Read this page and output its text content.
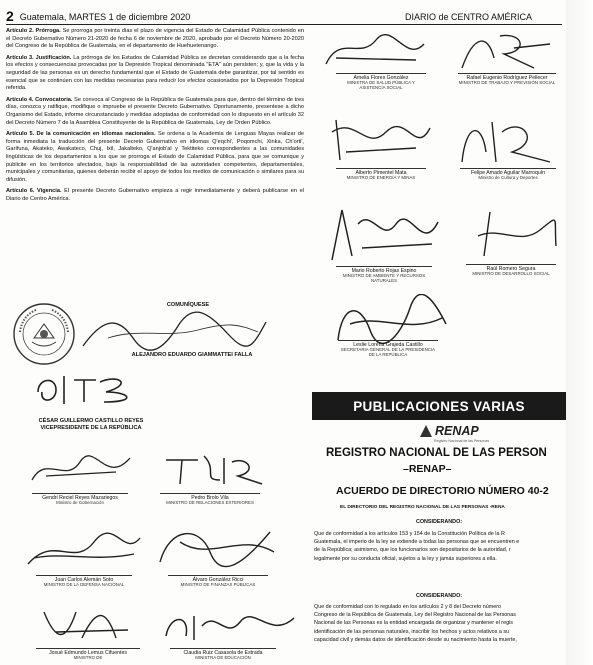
2 Guatemala, MARTES 1 de diciembre 2020	DIARIO de CENTRO AMÉRICA

Artículo 2. Prórroga. Se prorroga por treinta días el plazo de vigencia del Estado de Calamidad Pública contenido en el Decreto Gubernativo Número 21-2020 de fecha 6 de noviembre de 2020, aprobado por el Decreto Número 20-2020 del Congreso de la República de Guatemala, en el departamento de Huehuetenango.

Artículo 3. Justificación. La prórroga de los Estados de Calamidad Pública se decretan considerando que a la fecha los efectos y consecuencias provocadas por la Depresión Tropical denominada "ETA" aún persisten; y, que la vida y la seguridad de las personas es un derecho fundamental que el Estado de Guatemala debe garantizar, por tal sentido es esencial que se continúen con las medidas necesarias para reducir los efectos ocasionados por la Depresión Tropical referida.

Artículo 4. Convocatoria. Se convoca al Congreso de la República de Guatemala para que, dentro del término de tres días, conozca y ratifique, modifique o impruebe el presente Decreto Gubernativo. Oportunamente, presentese a dicho Organismo del Estado, informe circunstanciado y medidas adoptadas de conformidad con lo dispuesto en el artículo 32 del Decreto Número 7 de la Asamblea Constituyente de la República de Guatemala, Ley de Orden Público.

Artículo 5. De la comunicación en idiomas nacionales. Se ordena a la Academia de Lenguas Mayas realizar de forma inmediata la traducción del presente Decreto Gubernativo en idiomas Q'eqchi', Poqomchi, Xinka, Ch'orti', Garífuna, Akateko, Awakateco, Chuj, Ixil, Jakalteko, Q'anjob'al y Tektiteko correspondientes a las comunidades lingüísticas de los departamentos a los que se prorroga el Estado de Calamidad Pública, para que se comunique y publicite en los territorios afectados, bajo la responsabilidad de las autoridades competentes, departamentales, municipales y comunitarias, quienes deberán recibir el apoyo de todos los medios de comunicación o similares para su difusión.

Artículo 6. Vigencia. El presente Decreto Gubernativo empieza a regir inmediatamente y deberá publicarse en el Diario de Centro América.

COMUNÍQUESE
ALEJANDRO EDUARDO GIAMMATTEI FALLA
CÉSAR GUILLERMO CASTILLO REYES
VICEPRESIDENTE DE LA REPÚBLICA
Gendri Reciel Reyes Mazariegos
Ministro de Gobernación
Pedro Brolo Vila
MINISTRO DE RELACIONES EXTERIORES
Juan Carlos Alemán Soto
MINISTRO DE LA DEFENSA NACIONAL
Álvaro González Ricci
MINISTRO DE FINANZAS PÚBLICAS
Josué Edmundo Lemus Cifuentes
MINISTRO DE
Claudia Ruiz Casasola de Estrada
MINISTRA DE EDUCACIÓN
Amelia Flores González
MINISTRA DE SALUD PÚBLICA Y ASISTENCIA SOCIAL
Rafael Eugenio Rodríguez Pellecer
MINISTRO DE TRABAJO Y PREVISIÓN SOCIAL
Alberto Pimentel Mata
MINISTRO DE ENERGÍA Y MINAS
Felipe Amado Aguilar Marroquín
Ministro de Cultura y Deportes
Mario Roberto Rojas Espino
MINISTRO DE AMBIENTE Y RECURSOS NATURALES
Raúl Romero Segura
MINISTRO DE DESARROLLO SOCIAL
Leslie Lorena Grajeda Castillo
SECRETARIA GENERAL DE LA PRESIDENCIA DE LA REPÚBLICA
PUBLICACIONES VARIAS
RENAP
Registro Nacional de las Personas
REGISTRO NACIONAL DE LAS PERSON
–RENAP–
ACUERDO DE DIRECTORIO NÚMERO 40-2
EL DIRECTORIO DEL REGISTRO NACIONAL DE LAS PERSONAS -RENA
CONSIDERANDO:
Que de conformidad a los artículos 153 y 154 de la Constitución Política de la R
Guatemala, el imperio de la ley se extiende a todas las personas que se encuentren e
de la República; asimismo, que los funcionarios son depositarios de la autoridad, r
legalmente por su conducta oficial, sujetos a la ley y jamás superiores a ella.
CONSIDERANDO:
Que de conformidad con lo regulado en los artículos 2 y 8 del Decreto número
Congreso de la República de Guatemala, Ley del Registro Nacional de las Personas
Nacional de las Personas es la entidad encargada de organizar y mantener el regis
identificación de las personas naturales, inscribir los hechos y actos relativos a su
capacidad civil y demás datos de identificación desde su nacimiento hasta la muerte,
